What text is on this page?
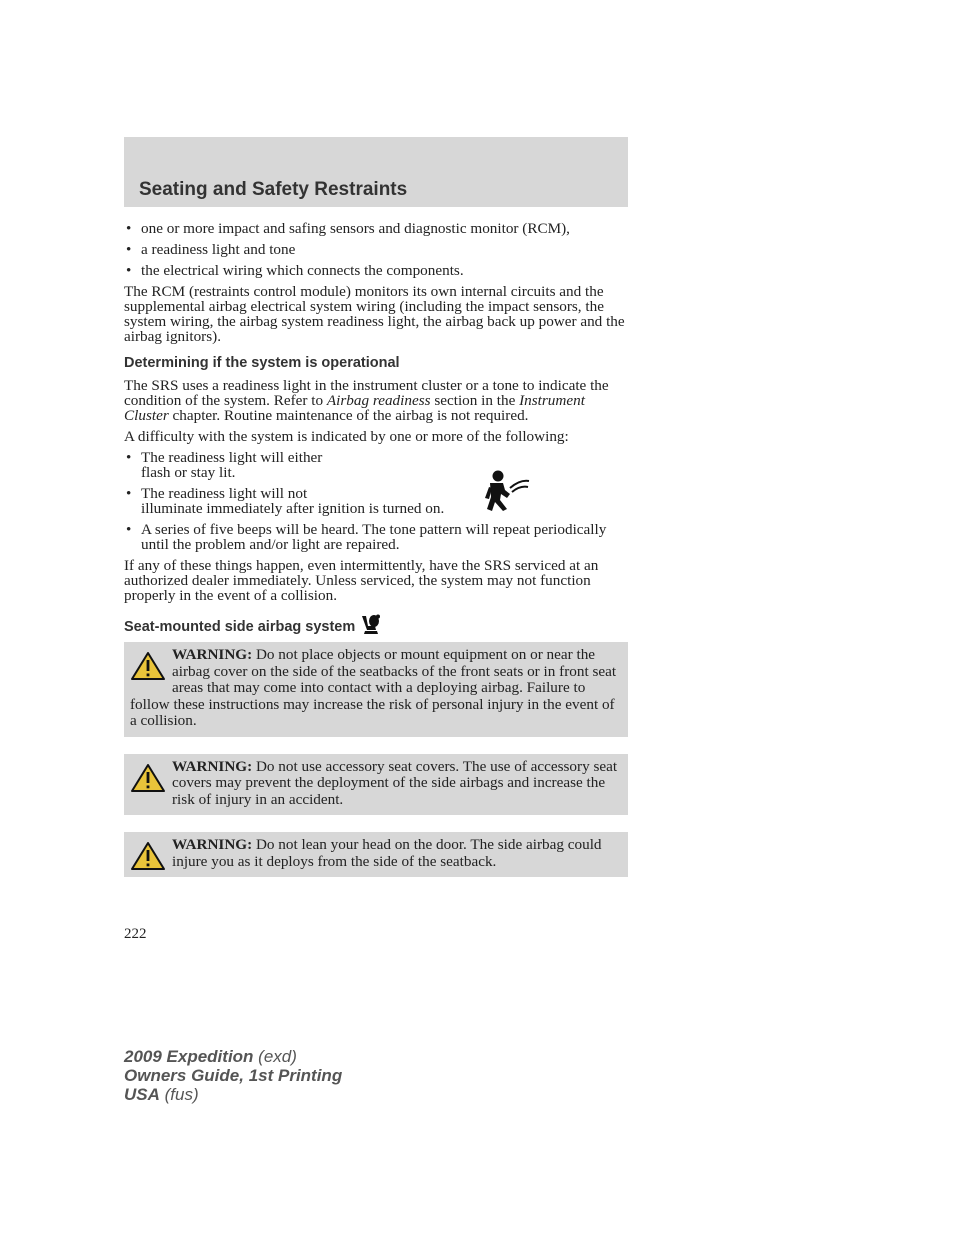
Seating and Safety Restraints
• one or more impact and safing sensors and diagnostic monitor (RCM),
• a readiness light and tone
• the electrical wiring which connects the components.

The RCM (restraints control module) monitors its own internal circuits and the supplemental airbag electrical system wiring (including the impact sensors, the system wiring, the airbag system readiness light, the airbag back up power and the airbag ignitors).

Determining if the system is operational

The SRS uses a readiness light in the instrument cluster or a tone to indicate the condition of the system. Refer to Airbag readiness section in the Instrument Cluster chapter. Routine maintenance of the airbag is not required.

A difficulty with the system is indicated by one or more of the following:

• The readiness light will either
flash or stay lit.
• The readiness light will not
illuminate immediately after ignition is turned on.
• A series of five beeps will be heard. The tone pattern will repeat periodically until the problem and/or light are repaired.

If any of these things happen, even intermittently, have the SRS serviced at an authorized dealer immediately. Unless serviced, the system may not function properly in the event of a collision.

Seat-mounted side airbag system
WARNING: Do not place objects or mount equipment on or near the airbag cover on the side of the seatbacks of the front seats or in front seat areas that may come into contact with a deploying airbag. Failure to follow these instructions may increase the risk of personal injury in the event of a collision.
WARNING: Do not use accessory seat covers. The use of accessory seat covers may prevent the deployment of the side airbags and increase the risk of injury in an accident.
WARNING: Do not lean your head on the door. The side airbag could injure you as it deploys from the side of the seatback.
222
2009 Expedition (exd)
Owners Guide, 1st Printing
USA (fus)
